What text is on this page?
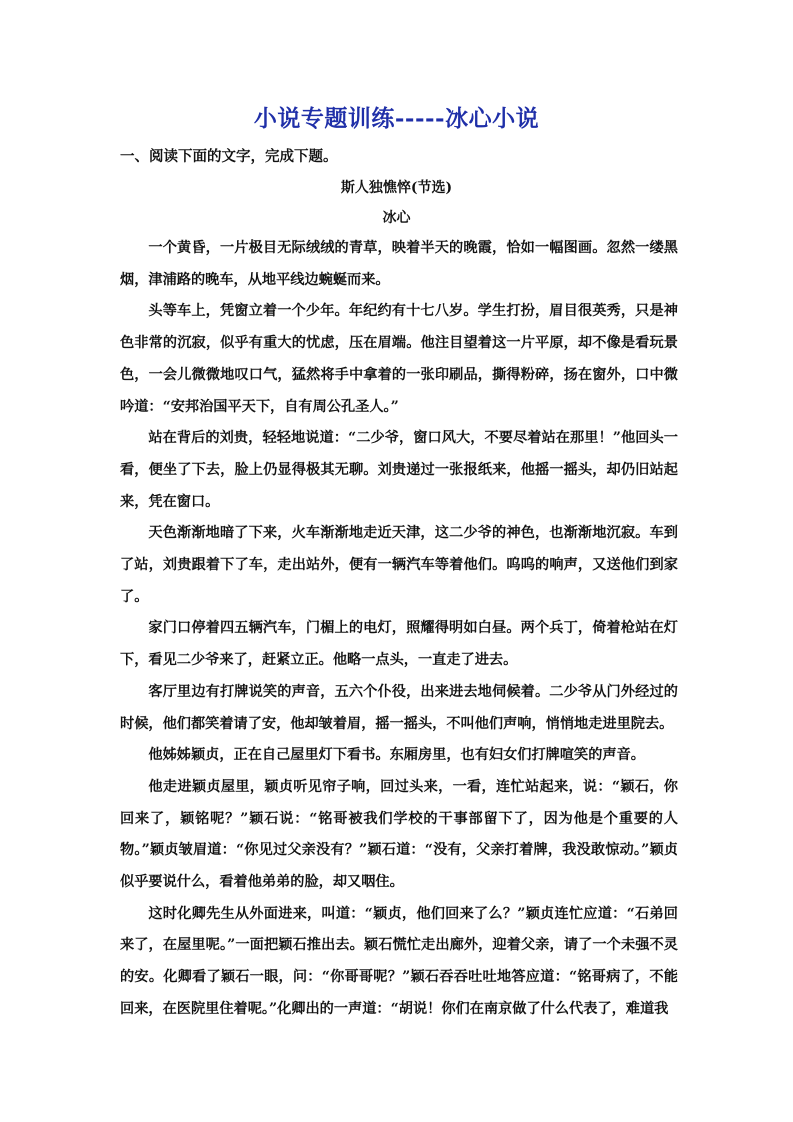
小说专题训练-----冰心小说
一、阅读下面的文字，完成下题。
斯人独憔悴(节选)
冰心

一个黄昏，一片极目无际绒绒的青草，映着半天的晚霞，恰如一幅图画。忽然一缕黑烟，津浦路的晚车，从地平线边蜿蜒而来。

头等车上，凭窗立着一个少年。年纪约有十七八岁。学生打扮，眉目很英秀，只是神色非常的沉寂，似乎有重大的忧虑，压在眉端。他注目望着这一片平原，却不像是看玩景色，一会儿微微地叹口气，猛然将手中拿着的一张印刷品，撕得粉碎，扬在窗外，口中微吟道：“安邦治国平天下，自有周公孔圣人。”

站在背后的刘贵，轻轻地说道：“二少爷，窗口风大，不要尽着站在那里！”他回头一看，便坐了下去，脸上仍显得极其无聊。刘贵递过一张报纸来，他摇一摇头，却仍旧站起来，凭在窗口。

天色渐渐地暗了下来，火车渐渐地走近天津，这二少爷的神色，也渐渐地沉寂。车到了站，刘贵跟着下了车，走出站外，便有一辆汽车等着他们。呜呜的响声，又送他们到家了。

家门口停着四五辆汽车，门楣上的电灯，照耀得明如白昼。两个兵丁，倚着枪站在灯下，看见二少爷来了，赶紧立正。他略一点头，一直走了进去。

客厅里边有打牌说笑的声音，五六个仆役，出来进去地伺候着。二少爷从门外经过的时候，他们都笑着请了安，他却皱着眉，摇一摇头，不叫他们声响，悄悄地走进里院去。

他姊姊颖贞，正在自己屋里灯下看书。东厢房里，也有妇女们打牌喧笑的声音。

他走进颖贞屋里，颖贞听见帘子响，回过头来，一看，连忙站起来，说：“颖石，你回来了，颖铭呢？”颖石说：“铭哥被我们学校的干事部留下了，因为他是个重要的人物。”颖贞皱眉道：“你见过父亲没有？”颖石道：“没有，父亲打着牌，我没敢惊动。”颖贞似乎要说什么，看着他弟弟的脸，却又咽住。

这时化卿先生从外面进来，叫道：“颖贞，他们回来了么？”颖贞连忙应道：“石弟回来了，在屋里呢。”一面把颖石推出去。颖石慌忙走出廊外，迎着父亲，请了一个未强不灵的安。化卿看了颖石一眼，问：“你哥哥呢？”颖石吞吞吐吐地答应道：“铭哥病了，不能回来，在医院里住着呢。”化卿出的一声道：“胡说！你们在南京做了什么代表了，难道我
